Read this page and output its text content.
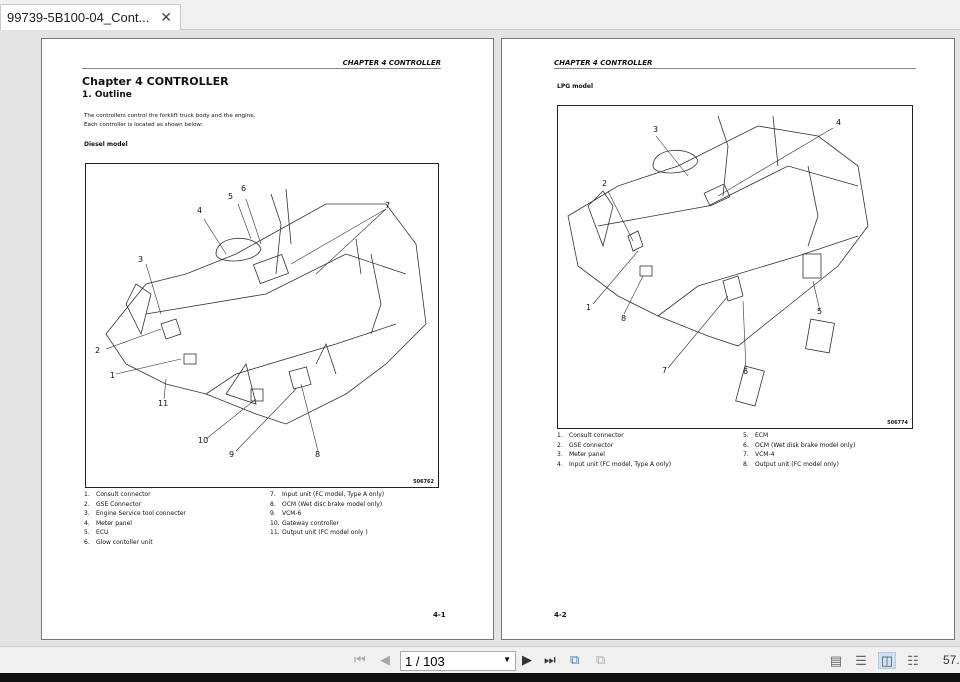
99739-5B100-04_Cont... ✕
CHAPTER 4 CONTROLLER
Chapter 4 CONTROLLER
1. Outline
The controllers control the forklift truck body and the engine.
Each controller is located as shown below:
Diesel model
3
4
5
6
7
2
1
11
10
9	8
506762
1. Consult connector
2. GSE Connector
3. Engine Service tool connecter
4. Meter panel
5. ECU
6. Glow contoller unit
7. Input unit (FC model, Type A only)
8. OCM (Wet disc brake model only)
9. VCM-6
10. Gateway controller
11. Output unit (FC model only )
4-1
CHAPTER 4 CONTROLLER
LPG model
3
4
2
1
8
7	6
5
506774
1. Consult connector
2. GSE connector
3. Meter panel
4. Input unit (FC model, Type A only)
5. ECM
6. OCM (Wet disk brake model only)
7. VCM-4
8. Output unit (FC model only)
4-2
⏮ ◀	1 / 103	▼ ▶ ⏭ ⧉ ⧉	▤ ☰ ◫ ☷ 57.
